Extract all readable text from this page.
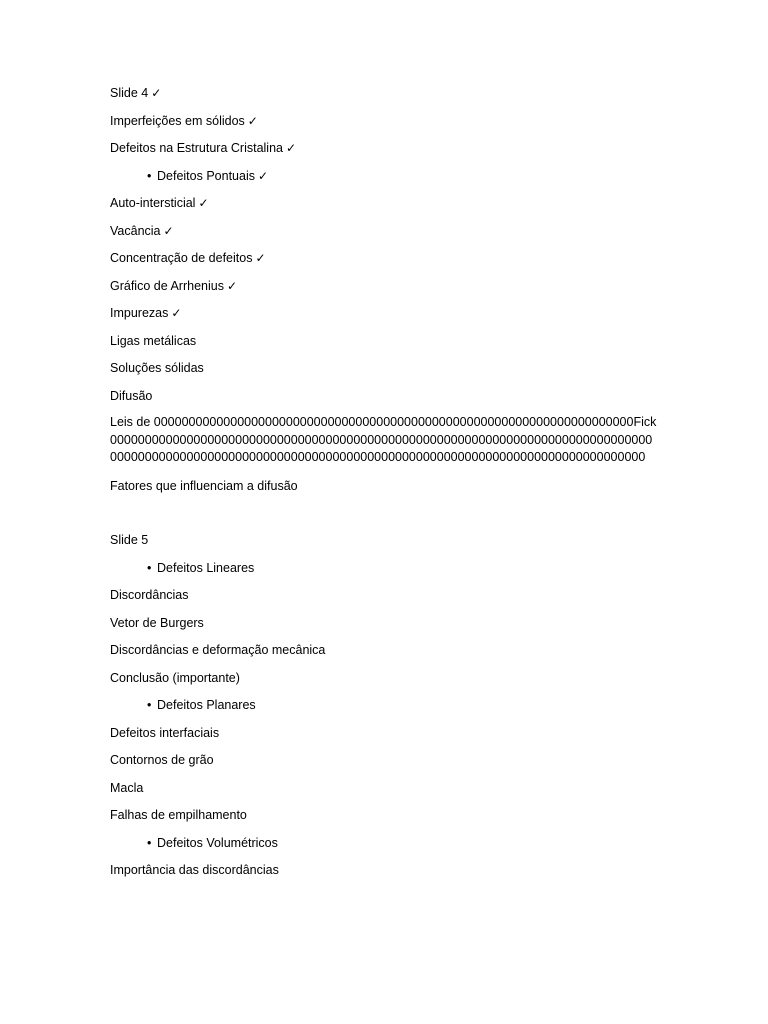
Slide 4 ✓
Imperfeições em sólidos ✓
Defeitos na Estrutura Cristalina ✓
• Defeitos Pontuais ✓
Auto-intersticial ✓
Vacância ✓
Concentração de defeitos ✓
Gráfico de Arrhenius ✓
Impurezas ✓
Ligas metálicas
Soluções sólidas
Difusão
Leis de 000000000000000000000000000000000000000000000000000000000000000000000Fick00000000000000000000000000000000000000000000000000000000000000000000000000000000000000000000000000000000000000000000000000000000000000000000000000000000000
Fatores que influenciam a difusão
Slide 5
• Defeitos Lineares
Discordâncias
Vetor de Burgers
Discordâncias e deformação mecânica
Conclusão (importante)
• Defeitos Planares
Defeitos interfaciais
Contornos de grão
Macla
Falhas de empilhamento
• Defeitos Volumétricos
Importância das discordâncias
